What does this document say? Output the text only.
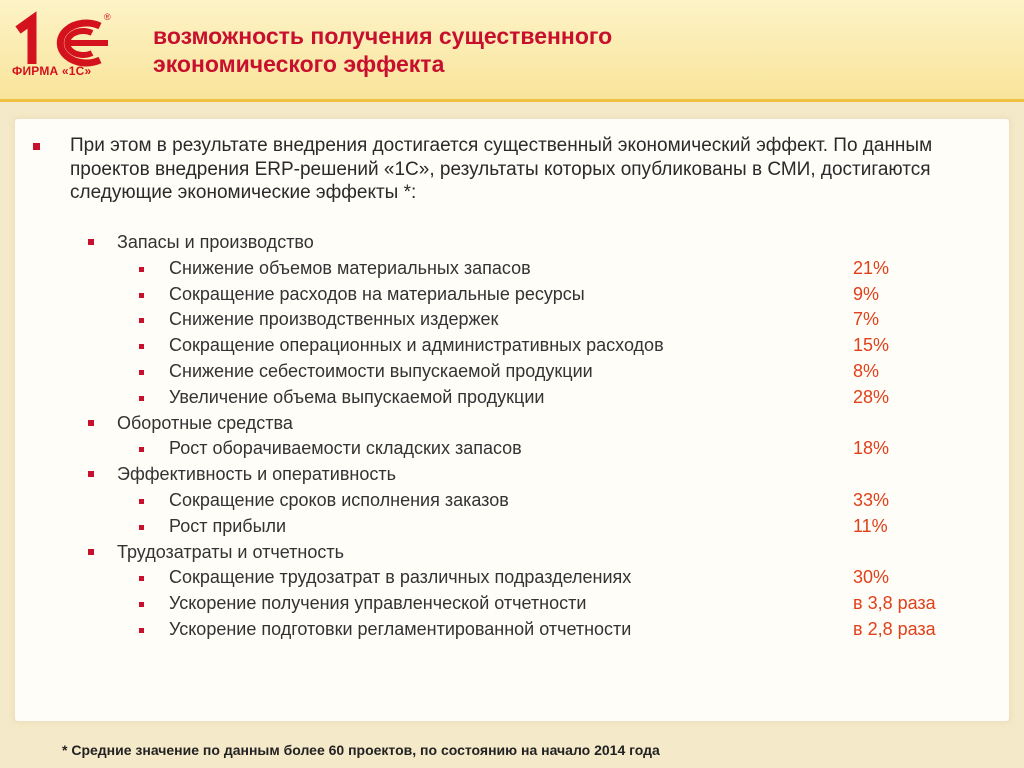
®
ФИРМА «1С»
возможность получения существенного
экономического эффекта
При этом в результате внедрения достигается существенный экономический эффект. По данным проектов внедрения ERP-решений «1С», результаты которых опубликованы в СМИ, достигаются следующие экономические эффекты *:
Запасы и производство
Снижение объемов материальных запасов	21%
Сокращение расходов на материальные ресурсы	9%
Снижение производственных издержек	7%
Сокращение операционных и административных расходов	15%
Снижение себестоимости выпускаемой продукции	8%
Увеличение объема выпускаемой продукции	28%
Оборотные средства
Рост оборачиваемости складских запасов	18%
Эффективность и оперативность
Сокращение сроков исполнения заказов	33%
Рост прибыли	11%
Трудозатраты и отчетность
Сокращение трудозатрат в различных подразделениях	30%
Ускорение получения управленческой отчетности	в 3,8 раза
Ускорение подготовки регламентированной отчетности	в 2,8 раза
* Средние значение по данным более 60 проектов, по состоянию на начало 2014 года
